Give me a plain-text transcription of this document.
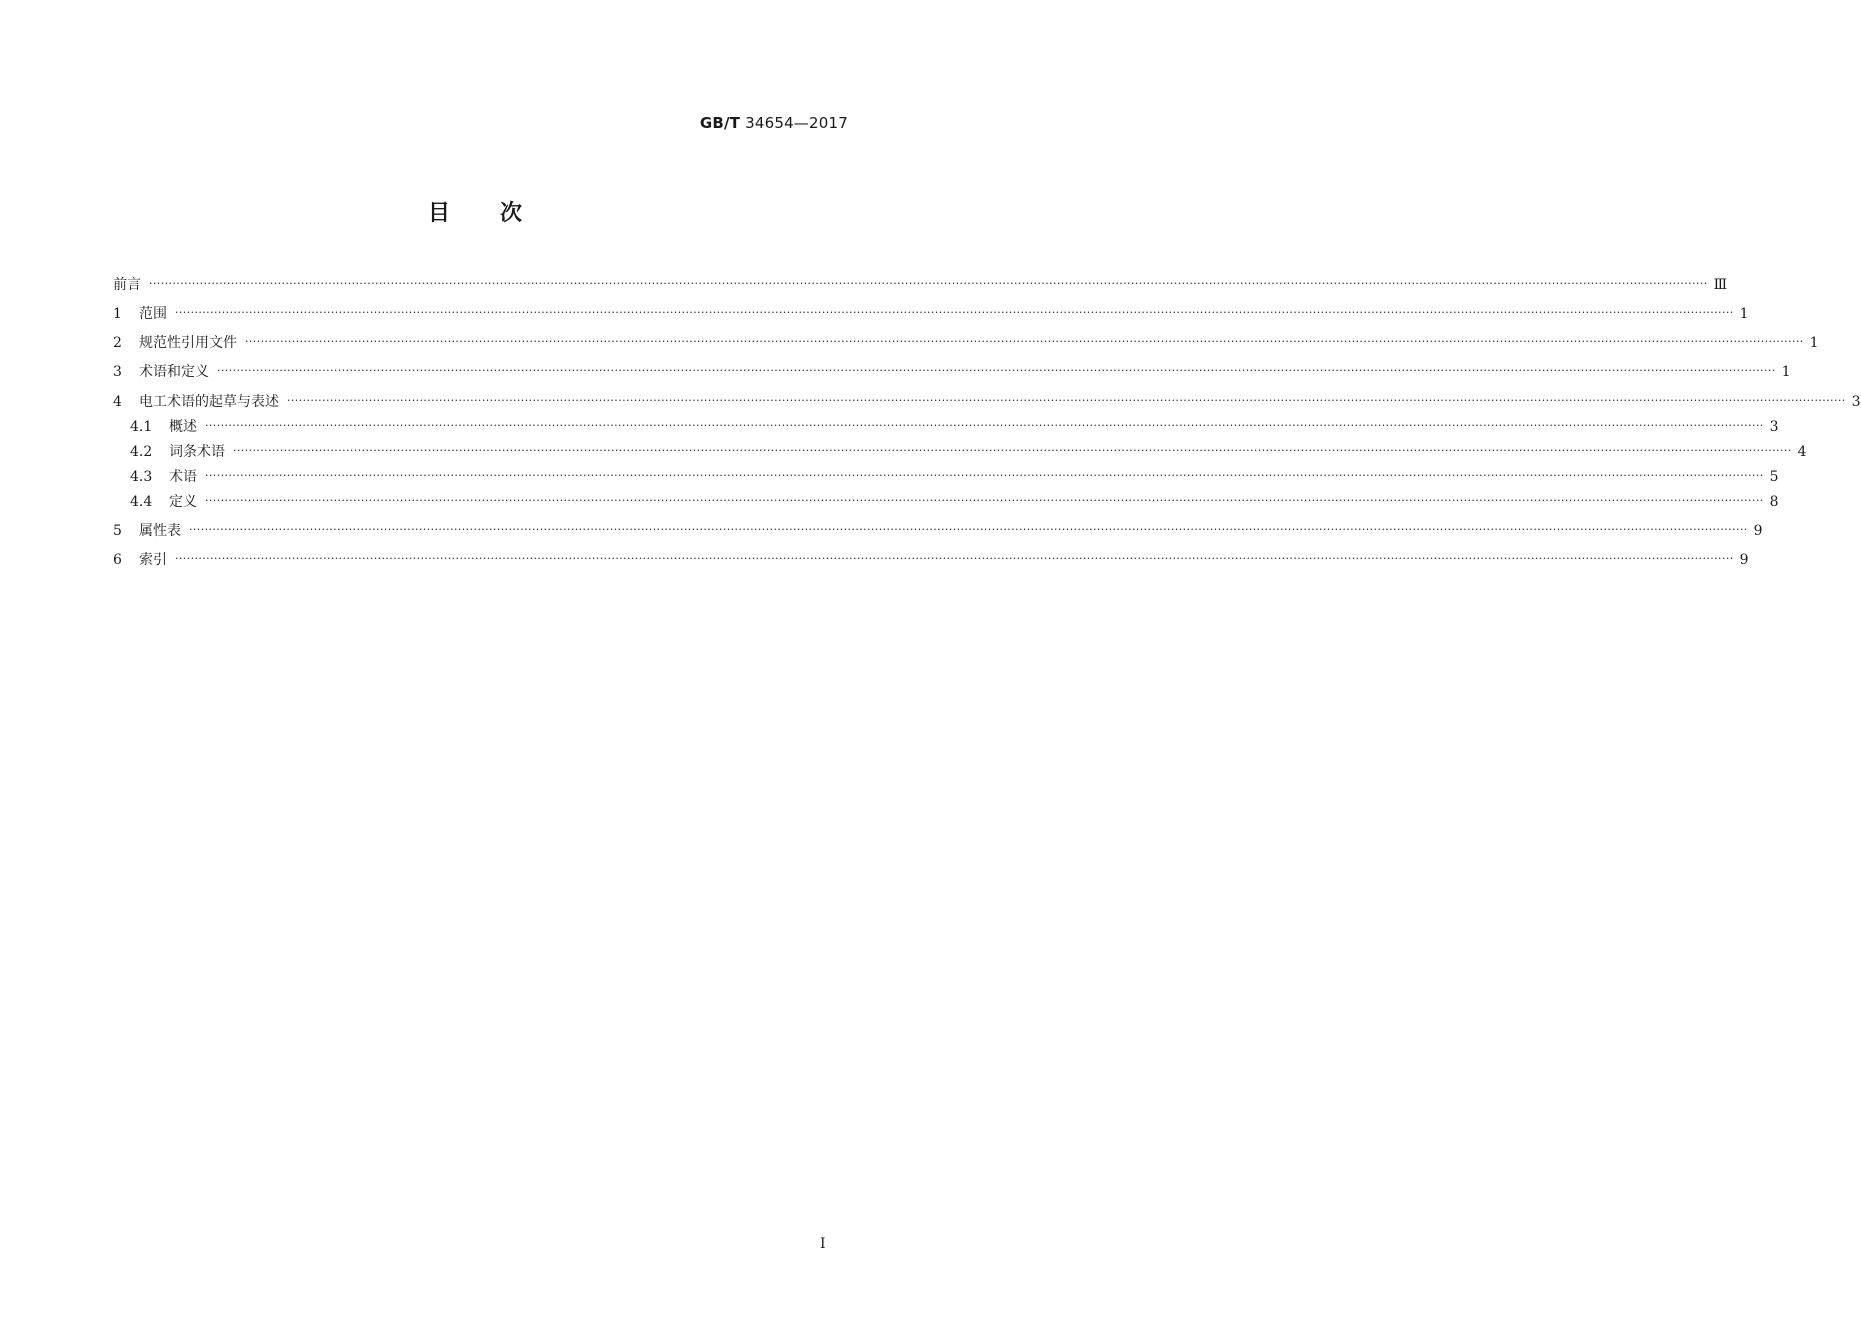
GB/T 34654—2017
目次
前言 ················································································································································································································································································································································································································ Ⅲ
1	范围 ················································································································································································································································································································································································································ 1
2	规范性引用文件 ················································································································································································································································································································································································································ 1
3	术语和定义 ················································································································································································································································································································································································································ 1
4	电工术语的起草与表述 ················································································································································································································································································································································································································ 3
4.1	概述 ················································································································································································································································································································································································································ 3
4.2	词条术语 ················································································································································································································································································································································································································ 4
4.3	术语 ················································································································································································································································································································································································································ 5
4.4	定义 ················································································································································································································································································································································································································ 8
5	属性表 ················································································································································································································································································································································································································ 9
6	索引 ················································································································································································································································································································································································································ 9
Ⅰ
